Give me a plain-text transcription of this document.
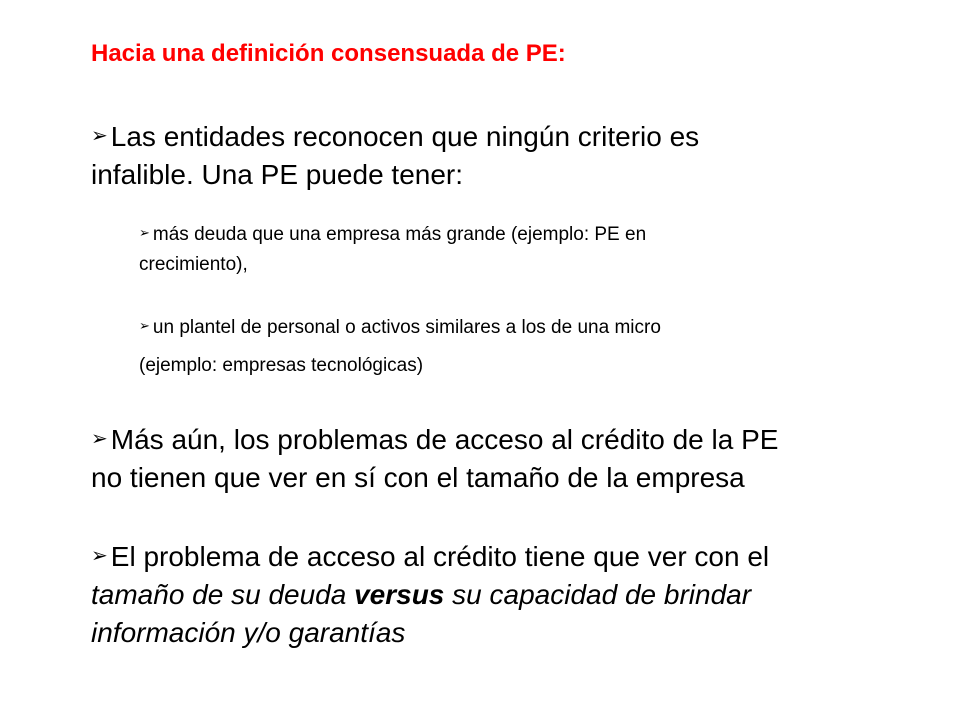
Hacia una definición consensuada de PE:
➢ Las entidades reconocen que ningún criterio es
infalible. Una PE puede tener:
➢ más deuda que una empresa más grande (ejemplo: PE en
crecimiento),
➢ un plantel de personal o activos similares a los de una micro
(ejemplo: empresas tecnológicas)
➢ Más aún, los problemas de acceso al crédito de la PE
no tienen que ver en sí con el tamaño de la empresa
➢ El problema de acceso al crédito tiene que ver con el
tamaño de su deuda versus su capacidad de brindar
información y/o garantías
